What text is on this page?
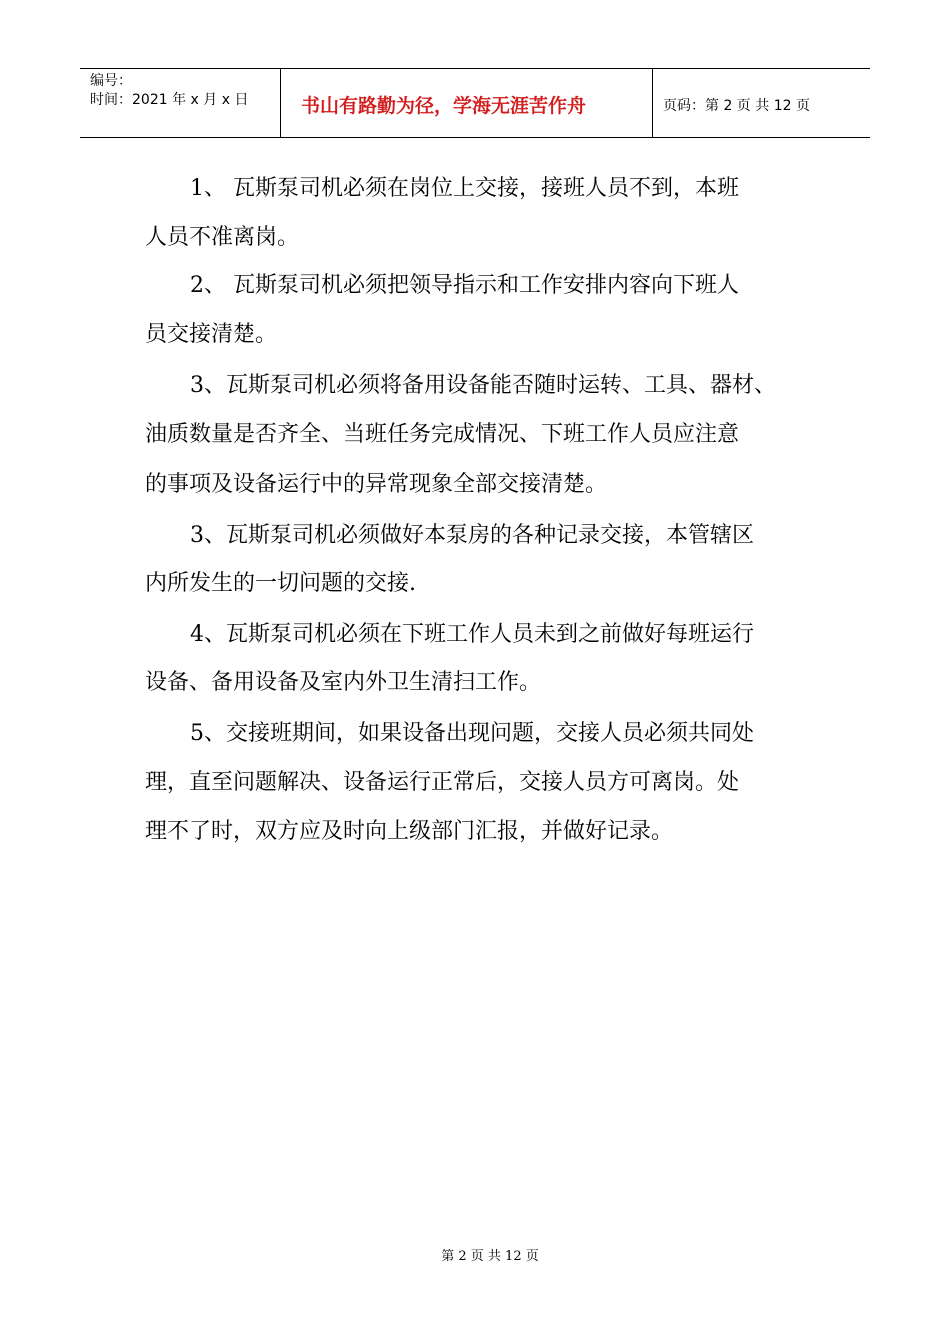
编号：
时间：2021 年 x 月 x 日	书山有路勤为径，学海无涯苦作舟	页码：第 2 页 共 12 页
1、 瓦斯泵司机必须在岗位上交接，接班人员不到，本班
人员不准离岗。
2、 瓦斯泵司机必须把领导指示和工作安排内容向下班人
员交接清楚。
3、瓦斯泵司机必须将备用设备能否随时运转、工具、器材、
油质数量是否齐全、当班任务完成情况、下班工作人员应注意
的事项及设备运行中的异常现象全部交接清楚。
3、瓦斯泵司机必须做好本泵房的各种记录交接，本管辖区
内所发生的一切问题的交接.
4、瓦斯泵司机必须在下班工作人员未到之前做好每班运行
设备、备用设备及室内外卫生清扫工作。
5、交接班期间，如果设备出现问题，交接人员必须共同处
理，直至问题解决、设备运行正常后，交接人员方可离岗。处
理不了时，双方应及时向上级部门汇报，并做好记录。
第 2 页 共 12 页
